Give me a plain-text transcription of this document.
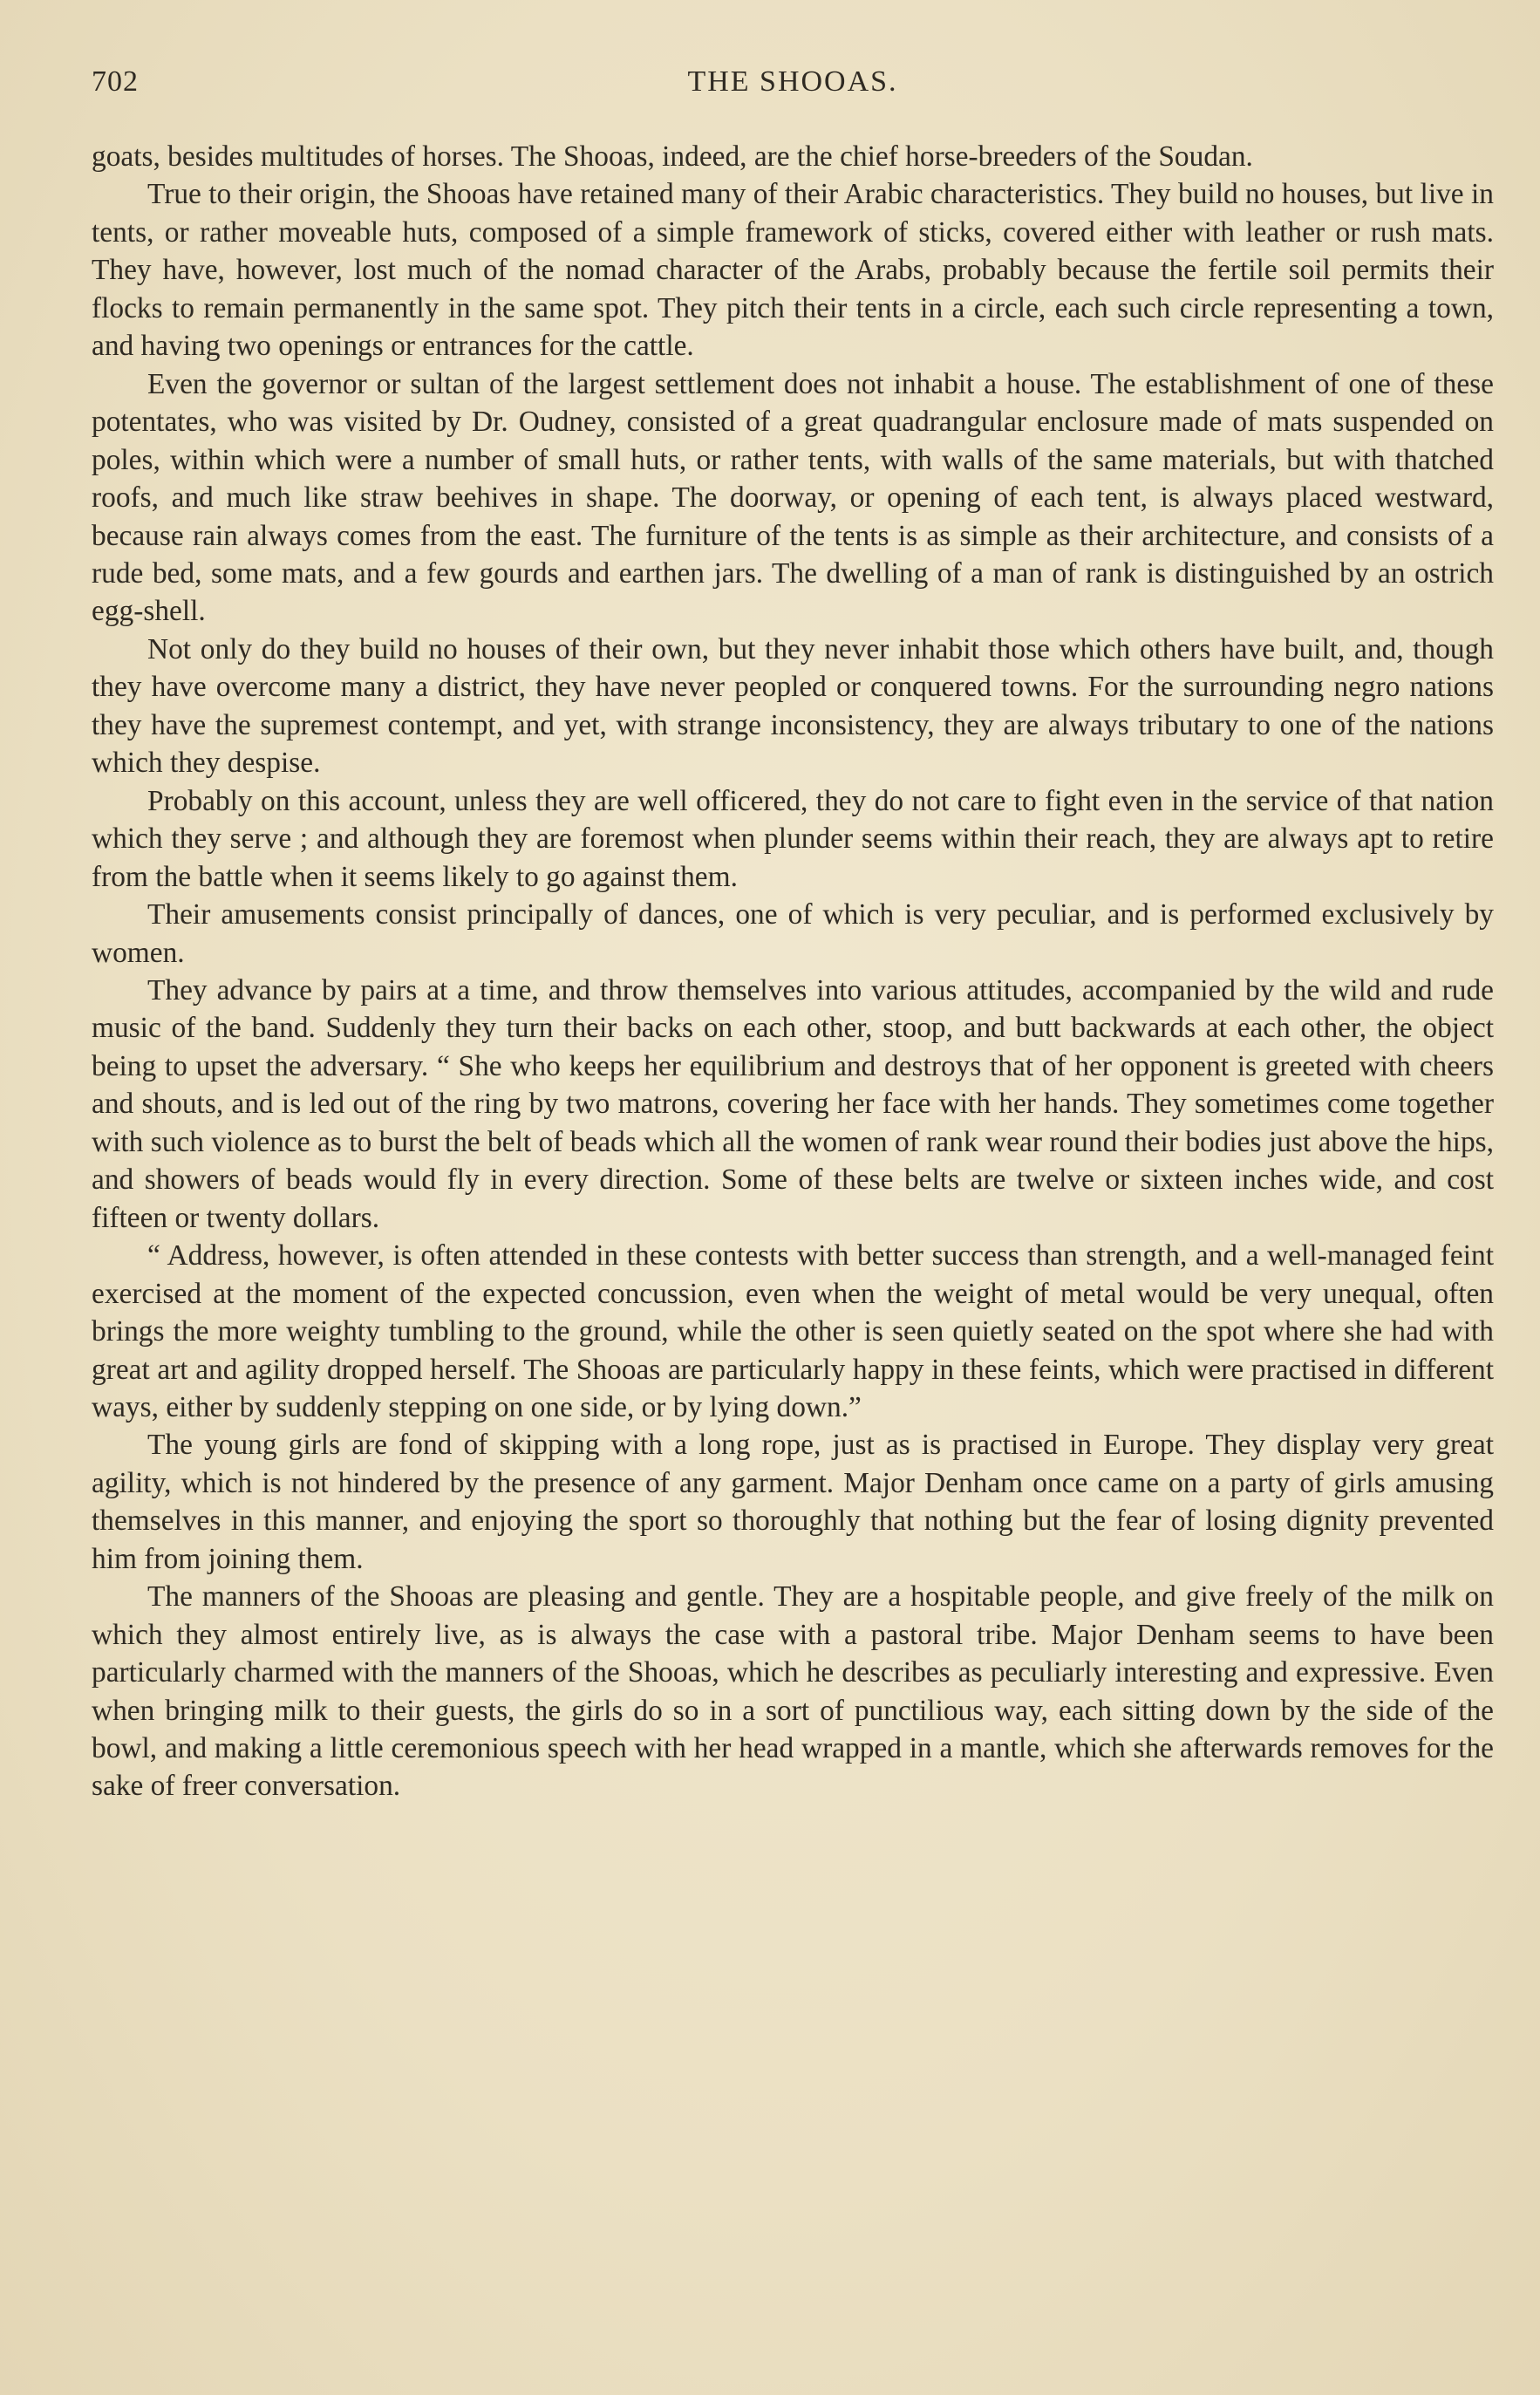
702	THE SHOOAS.

goats, besides multitudes of horses. The Shooas, indeed, are the chief horse-breeders of the Soudan.

True to their origin, the Shooas have retained many of their Arabic characteristics. They build no houses, but live in tents, or rather moveable huts, composed of a simple framework of sticks, covered either with leather or rush mats. They have, however, lost much of the nomad character of the Arabs, probably because the fertile soil permits their flocks to remain permanently in the same spot. They pitch their tents in a circle, each such circle representing a town, and having two openings or entrances for the cattle.

Even the governor or sultan of the largest settlement does not inhabit a house. The establishment of one of these potentates, who was visited by Dr. Oudney, consisted of a great quadrangular enclosure made of mats suspended on poles, within which were a number of small huts, or rather tents, with walls of the same materials, but with thatched roofs, and much like straw beehives in shape. The doorway, or opening of each tent, is always placed westward, because rain always comes from the east. The furniture of the tents is as simple as their architecture, and consists of a rude bed, some mats, and a few gourds and earthen jars. The dwelling of a man of rank is distinguished by an ostrich egg-shell.

Not only do they build no houses of their own, but they never inhabit those which others have built, and, though they have overcome many a district, they have never peopled or conquered towns. For the surrounding negro nations they have the supremest contempt, and yet, with strange inconsistency, they are always tributary to one of the nations which they despise.

Probably on this account, unless they are well officered, they do not care to fight even in the service of that nation which they serve ; and although they are foremost when plunder seems within their reach, they are always apt to retire from the battle when it seems likely to go against them.

Their amusements consist principally of dances, one of which is very peculiar, and is performed exclusively by women.

They advance by pairs at a time, and throw themselves into various attitudes, accompanied by the wild and rude music of the band. Suddenly they turn their backs on each other, stoop, and butt backwards at each other, the object being to upset the adversary. “ She who keeps her equilibrium and destroys that of her opponent is greeted with cheers and shouts, and is led out of the ring by two matrons, covering her face with her hands. They sometimes come together with such violence as to burst the belt of beads which all the women of rank wear round their bodies just above the hips, and showers of beads would fly in every direction. Some of these belts are twelve or sixteen inches wide, and cost fifteen or twenty dollars.

“ Address, however, is often attended in these contests with better success than strength, and a well-managed feint exercised at the moment of the expected concussion, even when the weight of metal would be very unequal, often brings the more weighty tumbling to the ground, while the other is seen quietly seated on the spot where she had with great art and agility dropped herself. The Shooas are particularly happy in these feints, which were practised in different ways, either by suddenly stepping on one side, or by lying down.”

The young girls are fond of skipping with a long rope, just as is practised in Europe. They display very great agility, which is not hindered by the presence of any garment. Major Denham once came on a party of girls amusing themselves in this manner, and enjoying the sport so thoroughly that nothing but the fear of losing dignity prevented him from joining them.

The manners of the Shooas are pleasing and gentle. They are a hospitable people, and give freely of the milk on which they almost entirely live, as is always the case with a pastoral tribe. Major Denham seems to have been particularly charmed with the manners of the Shooas, which he describes as peculiarly interesting and expressive. Even when bringing milk to their guests, the girls do so in a sort of punctilious way, each sitting down by the side of the bowl, and making a little ceremonious speech with her head wrapped in a mantle, which she afterwards removes for the sake of freer conversation.
